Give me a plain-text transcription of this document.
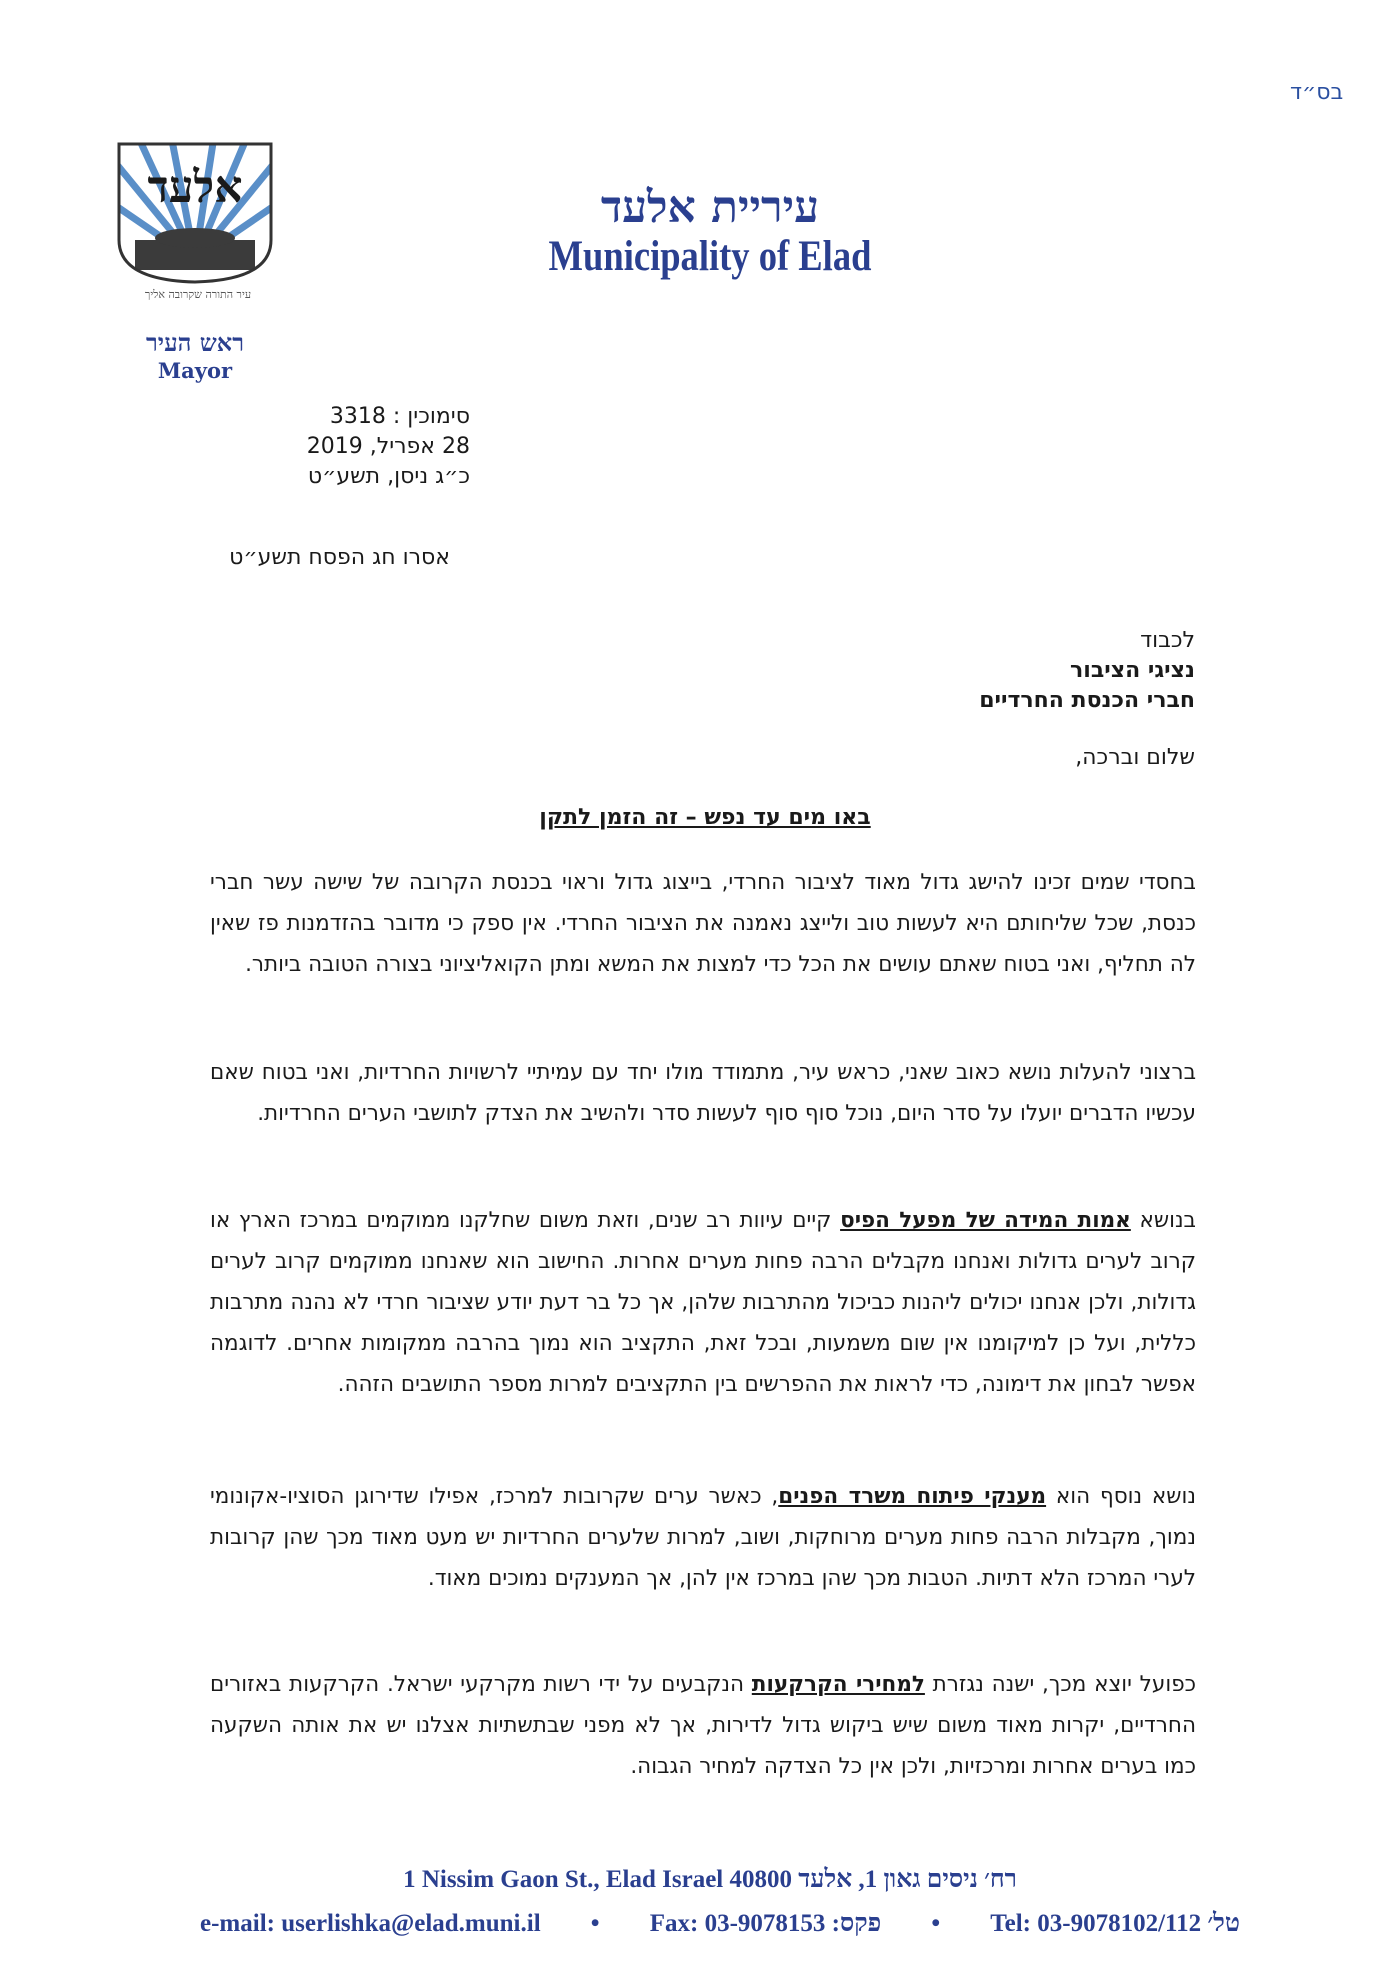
בס״ד
אלעד
עיר התורה שקרובה אליך
ראש העיר
Mayor
עיריית אלעד
Municipality of Elad
סימוכין : 3318
28 אפריל, 2019
כ״ג ניסן, תשע״ט
אסרו חג הפסח תשע״ט
לכבוד
נציגי הציבור
חברי הכנסת החרדיים
שלום וברכה,
באו מים עד נפש – זה הזמן לתקן
בחסדי שמים זכינו להישג גדול מאוד לציבור החרדי, בייצוג גדול וראוי בכנסת הקרובה של שישה עשר חברי כנסת, שכל שליחותם היא לעשות טוב ולייצג נאמנה את הציבור החרדי. אין ספק כי מדובר בהזדמנות פז שאין לה תחליף, ואני בטוח שאתם עושים את הכל כדי למצות את המשא ומתן הקואליציוני בצורה הטובה ביותר.
ברצוני להעלות נושא כאוב שאני, כראש עיר, מתמודד מולו יחד עם עמיתיי לרשויות החרדיות, ואני בטוח שאם עכשיו הדברים יועלו על סדר היום, נוכל סוף סוף לעשות סדר ולהשיב את הצדק לתושבי הערים החרדיות.
בנושא אמות המידה של מפעל הפיס קיים עיוות רב שנים, וזאת משום שחלקנו ממוקמים במרכז הארץ או קרוב לערים גדולות ואנחנו מקבלים הרבה פחות מערים אחרות. החישוב הוא שאנחנו ממוקמים קרוב לערים גדולות, ולכן אנחנו יכולים ליהנות כביכול מהתרבות שלהן, אך כל בר דעת יודע שציבור חרדי לא נהנה מתרבות כללית, ועל כן למיקומנו אין שום משמעות, ובכל זאת, התקציב הוא נמוך בהרבה ממקומות אחרים. לדוגמה אפשר לבחון את דימונה, כדי לראות את ההפרשים בין התקציבים למרות מספר התושבים הזהה.
נושא נוסף הוא מענקי פיתוח משרד הפנים, כאשר ערים שקרובות למרכז, אפילו שדירוגן הסוציו-אקונומי נמוך, מקבלות הרבה פחות מערים מרוחקות, ושוב, למרות שלערים החרדיות יש מעט מאוד מכך שהן קרובות לערי המרכז הלא דתיות. הטבות מכך שהן במרכז אין להן, אך המענקים נמוכים מאוד.
כפועל יוצא מכך, ישנה נגזרת למחירי הקרקעות הנקבעים על ידי רשות מקרקעי ישראל. הקרקעות באזורים החרדיים, יקרות מאוד משום שיש ביקוש גדול לדירות, אך לא מפני שבתשתיות אצלנו יש את אותה השקעה כמו בערים אחרות ומרכזיות, ולכן אין כל הצדקה למחיר הגבוה.
1 Nissim Gaon St., Elad Israel 40800 רח׳ ניסים גאון 1, אלעד
e-mail: userlishka@elad.muni.il • Fax: 03-9078153 :פקס • Tel: 03-9078102/112 טל׳
